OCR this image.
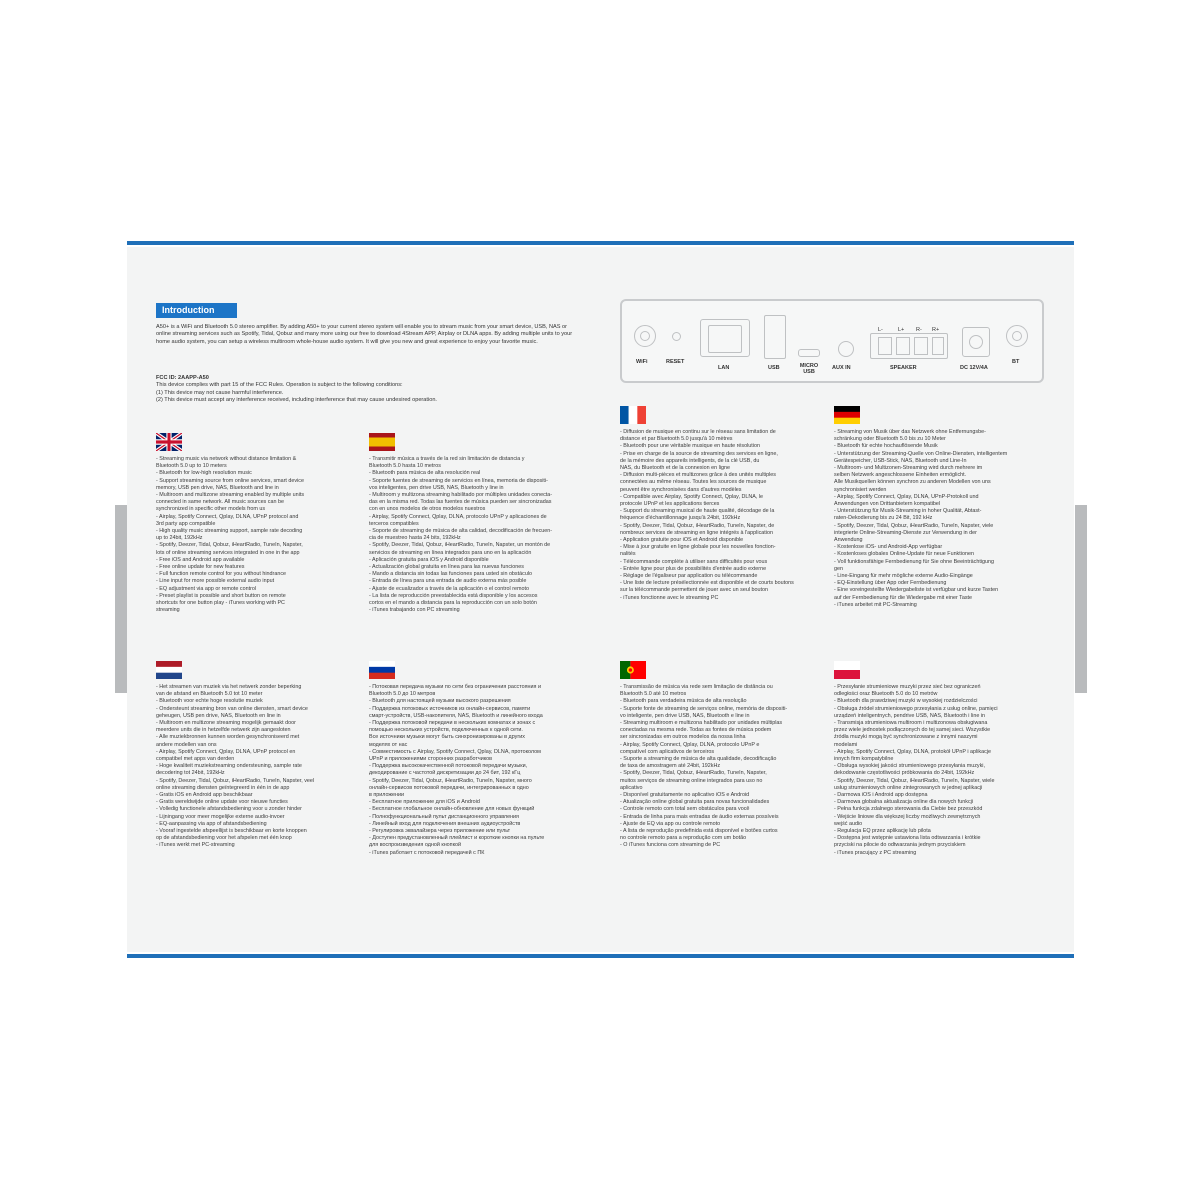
Introduction

A50+ is a WiFi and Bluetooth 5.0 stereo amplifier. By adding A50+ to your current stereo system will enable you to stream music from your smart device, USB, NAS or online streaming services such as Spotify, Tidal, Qobuz and many more using our free to download 4Stream APP, Airplay or DLNA apps. By adding multiple units to your home audio system, you can setup a wireless multiroom whole-house audio system. It will give you new and great experience to enjoy your favorite music.

FCC ID: 2AAPP-A50

This device complies with part 15 of the FCC Rules. Operation is subject to the following conditions:

(1) This device may not cause harmful interference.

(2) This device must accept any interference received, including interference that may cause undesired operation.

L-	L+ R- R+
WiFi	RESET
LAN	USB	MICRO USB
AUX IN	SPEAKER	DC 12V/4A
BT
- Streaming music via network without distance limitation &
Bluetooth 5.0 up to 10 meters
- Bluetooth for low-high resolution music
- Support streaming source from online services, smart device
memory, USB pen drive, NAS, Bluetooth and line in
- Multiroom and multizone streaming enabled by multiple units
connected in same network. All music sources can be
synchronized in specific other models from us
- Airplay, Spotify Connect, Qplay, DLNA, UPnP protocol and
3rd party app compatible
- High quality music streaming support, sample rate decoding
up to 24bit, 192kHz
- Spotify, Deezer, Tidal, Qobuz, iHeartRadio, TuneIn, Napster,
lots of online streaming services integrated in one in the app
- Free iOS and Android app available
- Free online update for new features
- Full function remote control for you without hindrance
- Line input for more possible external audio input
- EQ adjustment via app or remote control
- Preset playlist is possible and short button on remote
shortcuts for one button play - iTunes working with PC
streaming
- Transmitir música a través de la red sin limitación de distancia y
Bluetooth 5.0 hasta 10 metros
- Bluetooth para música de alta resolución real
- Soporte fuentes de streaming de servicios en línea, memoria de dispositi-
vos inteligentes, pen drive USB, NAS, Bluetooth y line in
- Multiroom y multizona streaming habilitado por múltiples unidades conecta-
das en la misma red. Todas las fuentes de música pueden ser sincronizadas
con en unos modelos de otros modelos nuestros
- Airplay, Spotify Connect, Qplay, DLNA, protocolo UPnP y aplicaciones de
terceros compatibles
- Soporte de streaming de música de alta calidad, decodificación de frecuen-
cia de muestreo hasta 24 bits, 192kHz
- Spotify, Deezer, Tidal, Qobuz, iHeartRadio, TuneIn, Napster, un montón de
servicios de streaming en línea integrados para uno en la aplicación
- Aplicación gratuita para iOS y Android disponible
- Actualización global gratuita en línea para las nuevas funciones
- Mando a distancia sin todas las funciones para usted sin obstáculo
- Entrada de línea para una entrada de audio externa más posible
- Ajuste de ecualizador a través de la aplicación o el control remoto
- La lista de reproducción preestablecida está disponible y los accesos
cortos en el mando a distancia para la reproducción con un solo botón
- iTunes trabajando con PC streaming
- Diffusion de musique en continu sur le réseau sans limitation de
distance et par Bluetooth 5.0 jusqu'à 10 mètres
- Bluetooth pour une véritable musique en haute résolution
- Prise en charge de la source de streaming des services en ligne,
de la mémoire des appareils intelligents, de la clé USB, du
NAS, du Bluetooth et de la connexion en ligne
- Diffusion multi-pièces et multizones grâce à des unités multiples
connectées au même réseau. Toutes les sources de musique
peuvent être synchronisées dans d'autres modèles
- Compatible avec Airplay, Spotify Connect, Qplay, DLNA, le
protocole UPnP et les applications tierces
- Support du streaming musical de haute qualité, décodage de la
fréquence d'échantillonnage jusqu'à 24bit, 192kHz
- Spotify, Deezer, Tidal, Qobuz, iHeartRadio, TuneIn, Napster, de
nombreux services de streaming en ligne intégrés à l'application
- Application gratuite pour iOS et Android disponible
- Mise à jour gratuite en ligne globale pour les nouvelles fonction-
nalités
- Télécommande complète à utiliser sans difficultés pour vous
- Entrée ligne pour plus de possibilités d'entrée audio externe
- Réglage de l'égaliseur par application ou télécommande
- Une liste de lecture présélectionnée est disponible et de courts boutons
sur la télécommande permettent de jouer avec un seul bouton
- iTunes fonctionne avec le streaming PC
- Streaming von Musik über das Netzwerk ohne Entfernungsbe-
schränkung oder Bluetooth 5.0 bis zu 10 Meter
- Bluetooth für echte hochauflösende Musik
- Unterstützung der Streaming-Quelle von Online-Diensten, intelligentem
Gerätespeicher, USB-Stick, NAS, Bluetooth und Line-In
- Multiroom- und Multizonen-Streaming wird durch mehrere im
selben Netzwerk angeschlossene Einheiten ermöglicht.
Alle Musikquellen können synchron zu anderen Modellen von uns
synchronisiert werden
- Airplay, Spotify Connect, Qplay, DLNA, UPnP-Protokoll und
Anwendungen von Drittanbietern kompatibel
- Unterstützung für Musik-Streaming in hoher Qualität, Abtast-
raten-Dekodierung bis zu 24 Bit, 192 kHz
- Spotify, Deezer, Tidal, Qobuz, iHeartRadio, TuneIn, Napster, viele
integrierte Online-Streaming-Dienste zur Verwendung in der
Anwendung
- Kostenlose iOS- und Android-App verfügbar
- Kostenloses globales Online-Update für neue Funktionen
- Voll funktionsfähige Fernbedienung für Sie ohne Beeinträchtigung
gen
- Line-Eingang für mehr mögliche externe Audio-Eingänge
- EQ-Einstellung über App oder Fernbedienung
- Eine voreingestellte Wiedergabeliste ist verfügbar und kurze Tasten
auf der Fernbedienung für die Wiedergabe mit einer Taste
- iTunes arbeitet mit PC-Streaming
- Het streamen van muziek via het netwerk zonder beperking
van de afstand en Bluetooth 5.0 tot 10 meter
- Bluetooth voor echte hoge resolutie muziek
- Ondersteunt streaming bron van online diensten, smart device
geheugen, USB pen drive, NAS, Bluetooth en line in
- Multiroom en multizone streaming mogelijk gemaakt door
meerdere units die in hetzelfde netwerk zijn aangesloten
- Alle muziekbronnen kunnen worden gesynchroniseerd met
andere modellen van ons
- Airplay, Spotify Connect, Qplay, DLNA, UPnP protocol en
compatibel met apps van derden
- Hoge kwaliteit muziekstreaming ondersteuning, sample rate
decodering tot 24bit, 192kHz
- Spotify, Deezer, Tidal, Qobuz, iHeartRadio, TuneIn, Napster, veel
online streaming diensten geïntegreerd in één in de app
- Gratis iOS en Android app beschikbaar
- Gratis wereldwijde online update voor nieuwe functies
- Volledig functionele afstandsbediening voor u zonder hinder
- Lijningang voor meer mogelijke externe audio-invoer
- EQ-aanpassing via app of afstandsbediening
- Vooraf ingestelde afspeellijst is beschikbaar en korte knoppen
op de afstandsbediening voor het afspelen met één knop
- iTunes werkt met PC-streaming
- Потоковая передача музыки по сети без ограничения расстояния и
Bluetooth 5.0 до 10 метров
- Bluetooth для настоящей музыки высокого разрешения
- Поддержка потоковых источников из онлайн-сервисов, памяти
смарт-устройств, USB-накопителя, NAS, Bluetooth и линейного входа
- Поддержка потоковой передачи в нескольких комнатах и зонах с
помощью нескольких устройств, подключенных к одной сети.
Все источники музыки могут быть синхронизированы в других
моделях от нас
- Совместимость с Airplay, Spotify Connect, Qplay, DLNA, протоколом
UPnP и приложениями сторонних разработчиков
- Поддержка высококачественной потоковой передачи музыки,
декодирование с частотой дискретизации до 24 бит, 192 кГц
- Spotify, Deezer, Tidal, Qobuz, iHeartRadio, TuneIn, Napster, много
онлайн-сервисов потоковой передачи, интегрированных в одно
в приложении
- Бесплатное приложение для iOS и Android
- Бесплатное глобальное онлайн-обновление для новых функций
- Полнофункциональный пульт дистанционного управления
- Линейный вход для подключения внешних аудиоустройств
- Регулировка эквалайзера через приложение или пульт
- Доступен предустановленный плейлист и короткие кнопки на пульте
для воспроизведения одной кнопкой
- iTunes работает с потоковой передачей с ПК
- Transmissão de música via rede sem limitação de distância ou
Bluetooth 5.0 até 10 metros
- Bluetooth para verdadeira música de alta resolução
- Suporte fonte de streaming de serviços online, memória de dispositi-
vo inteligente, pen drive USB, NAS, Bluetooth e line in
- Streaming multiroom e multizona habilitado por unidades múltiplas
conectadas na mesma rede. Todas as fontes de música podem
ser sincronizadas em outros modelos da nossa linha
- Airplay, Spotify Connect, Qplay, DLNA, protocolo UPnP e
compatível com aplicativos de terceiros
- Suporte a streaming de música de alta qualidade, decodificação
de taxa de amostragem até 24bit, 192kHz
- Spotify, Deezer, Tidal, Qobuz, iHeartRadio, TuneIn, Napster,
muitos serviços de streaming online integrados para uso no
aplicativo
- Disponível gratuitamente no aplicativo iOS e Android
- Atualização online global gratuita para novas funcionalidades
- Controle remoto com total sem obstáculos para você
- Entrada de linha para mais entradas de áudio externas possíveis
- Ajuste de EQ via app ou controle remoto
- A lista de reprodução predefinida está disponível e botões curtos
no controle remoto para a reprodução com um botão
- O iTunes funciona com streaming de PC
- Przesyłanie strumieniowe muzyki przez sieć bez ograniczeń
odległości oraz Bluetooth 5.0 do 10 metrów
- Bluetooth dla prawdziwej muzyki w wysokiej rozdzielczości
- Obsługa źródeł strumieniowego przesyłania z usług online, pamięci
urządzeń inteligentnych, pendrive USB, NAS, Bluetooth i line in
- Transmisja strumieniowa multiroom i multizonowa obsługiwana
przez wiele jednostek podłączonych do tej samej sieci. Wszystkie
źródła muzyki mogą być synchronizowane z innymi naszymi
modelami
- Airplay, Spotify Connect, Qplay, DLNA, protokół UPnP i aplikacje
innych firm kompatybilne
- Obsługa wysokiej jakości strumieniowego przesyłania muzyki,
dekodowanie częstotliwości próbkowania do 24bit, 192kHz
- Spotify, Deezer, Tidal, Qobuz, iHeartRadio, TuneIn, Napster, wiele
usług strumieniowych online zintegrowanych w jednej aplikacji
- Darmowa iOS i Android app dostępna
- Darmowa globalna aktualizacja online dla nowych funkcji
- Pełna funkcja zdalnego sterowania dla Ciebie bez przeszkód
- Wejście liniowe dla większej liczby możliwych zewnętrznych
wejść audio
- Regulacja EQ przez aplikację lub pilota
- Dostępna jest wstępnie ustawiona lista odtwarzania i krótkie
przyciski na pilocie do odtwarzania jednym przyciskiem
- iTunes pracujący z PC streaming
